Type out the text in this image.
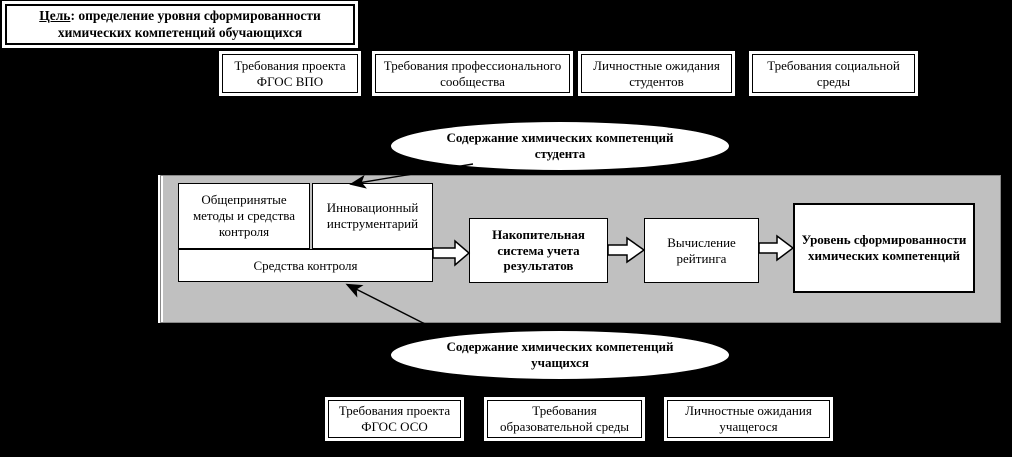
Цель: определение уровня сформированности химических компетенций обучающихся
Требования проекта ФГОС ВПО
Требования профессионального сообщества
Личностные ожидания студентов
Требования социальной среды
Содержание химических компетенций студента
Общепринятые методы и средства контроля
Инновационный инструментарий
Средства контроля
Накопительная система учета результатов
Вычисление рейтинга
Уровень сформированности химических компетенций
Содержание химических компетенций учащихся
Требования проекта ФГОС ОСО
Требования образовательной среды
Личностные ожидания учащегося
